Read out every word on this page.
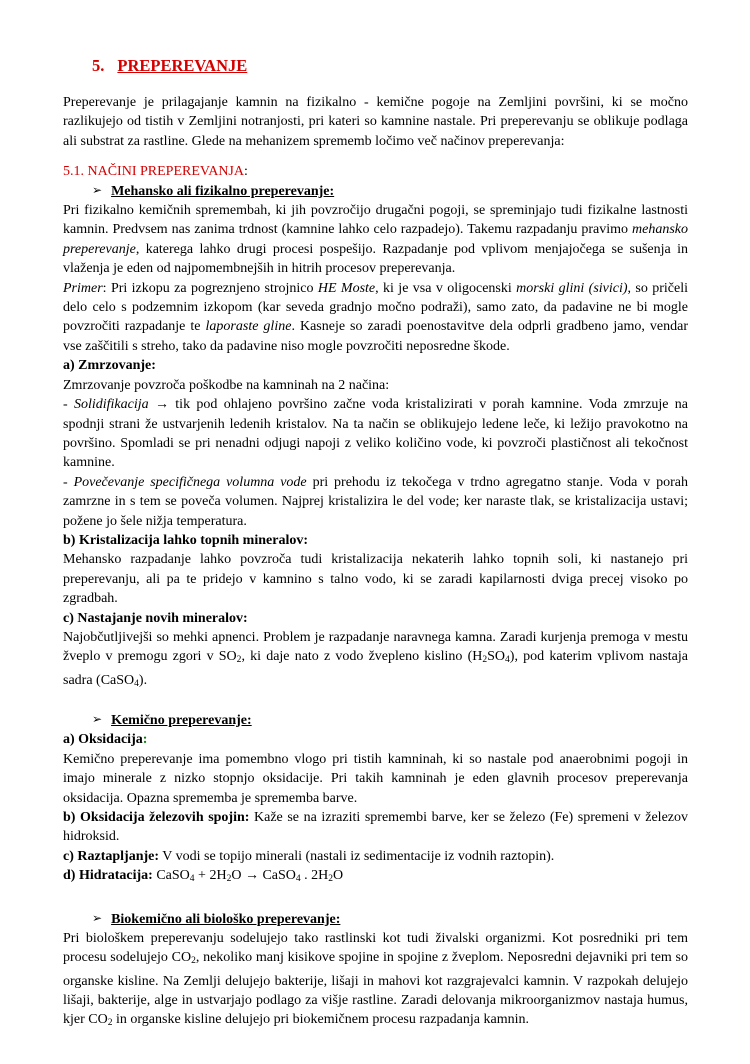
5. PREPEREVANJE

Preperevanje je prilagajanje kamnin na fizikalno - kemične pogoje na Zemljini površini, ki se močno razlikujejo od tistih v Zemljini notranjosti, pri kateri so kamnine nastale. Pri preperevanju se oblikuje podlaga ali substrat za rastline. Glede na mehanizem sprememb ločimo več načinov preperevanja:

5.1. NAČINI PREPEREVANJA:

➢ Mehansko ali fizikalno preperevanje:

Pri fizikalno kemičnih spremembah, ki jih povzročijo drugačni pogoji, se spreminjajo tudi fizikalne lastnosti kamnin. Predvsem nas zanima trdnost (kamnine lahko celo razpadejo). Takemu razpadanju pravimo mehansko preperevanje, katerega lahko drugi procesi pospešijo. Razpadanje pod vplivom menjajočega se sušenja in vlaženja je eden od najpomembnejših in hitrih procesov preperevanja.

Primer: Pri izkopu za pogreznjeno strojnico HE Moste, ki je vsa v oligocenski morski glini (sivici), so pričeli delo celo s podzemnim izkopom (kar seveda gradnjo močno podraži), samo zato, da padavine ne bi mogle povzročiti razpadanje te laporaste gline. Kasneje so zaradi poenostavitve dela odprli gradbeno jamo, vendar vse zaščitili s streho, tako da padavine niso mogle povzročiti neposredne škode.

a) Zmrzovanje:

Zmrzovanje povzroča poškodbe na kamninah na 2 načina:

- Solidifikacija → tik pod ohlajeno površino začne voda kristalizirati v porah kamnine. Voda zmrzuje na spodnji strani že ustvarjenih ledenih kristalov. Na ta način se oblikujejo ledene leče, ki ležijo pravokotno na površino. Spomladi se pri nenadni odjugi napoji z veliko količino vode, ki povzroči plastičnost ali tekočnost kamnine.

- Povečevanje specifičnega volumna vode pri prehodu iz tekočega v trdno agregatno stanje. Voda v porah zamrzne in s tem se poveča volumen. Najprej kristalizira le del vode; ker naraste tlak, se kristalizacija ustavi; požene jo šele nižja temperatura.

b) Kristalizacija lahko topnih mineralov:

Mehansko razpadanje lahko povzroča tudi kristalizacija nekaterih lahko topnih soli, ki nastanejo pri preperevanju, ali pa te pridejo v kamnino s talno vodo, ki se zaradi kapilarnosti dviga precej visoko po zgradbah.

c) Nastajanje novih mineralov:

Najobčutljivejši so mehki apnenci. Problem je razpadanje naravnega kamna. Zaradi kurjenja premoga v mestu žveplo v premogu zgori v $SO_2$, ki daje nato z vodo žvepleno kislino $(H_2SO_4)$, pod katerim vplivom nastaja sadra (CaSO$_4$).

➢ Kemično preperevanje:

a) Oksidacija:

Kemično preperevanje ima pomembno vlogo pri tistih kamninah, ki so nastale pod anaerobnimi pogoji in imajo minerale z nizko stopnjo oksidacije. Pri takih kamninah je eden glavnih procesov preperevanja oksidacija. Opazna sprememba je sprememba barve.

b) Oksidacija železovih spojin: Kaže se na izraziti spremembi barve, ker se železo (Fe) spremeni v železov hidroksid.

c) Raztapljanje: V vodi se topijo minerali (nastali iz sedimentacije iz vodnih raztopin).

d) Hidratacija: CaSO$_4$ + $2H_2O$ → CaSO$_4$ . $2H_2O$

➢ Biokemično ali biološko preperevanje:

Pri biološkem preperevanju sodelujejo tako rastlinski kot tudi živalski organizmi. Kot posredniki pri tem procesu sodelujejo $CO_2$, nekoliko manj kisikove spojine in spojine z žveplom. Neposredni dejavniki pri tem so organske kisline. Na Zemlji delujejo bakterije, lišaji in mahovi kot razgrajevalci kamnin. V razpokah delujejo lišaji, bakterije, alge in ustvarjajo podlago za višje rastline. Zaradi delovanja mikroorganizmov nastaja humus, kjer $CO_2$ in organske kisline delujejo pri biokemičnem procesu razpadanja kamnin.
